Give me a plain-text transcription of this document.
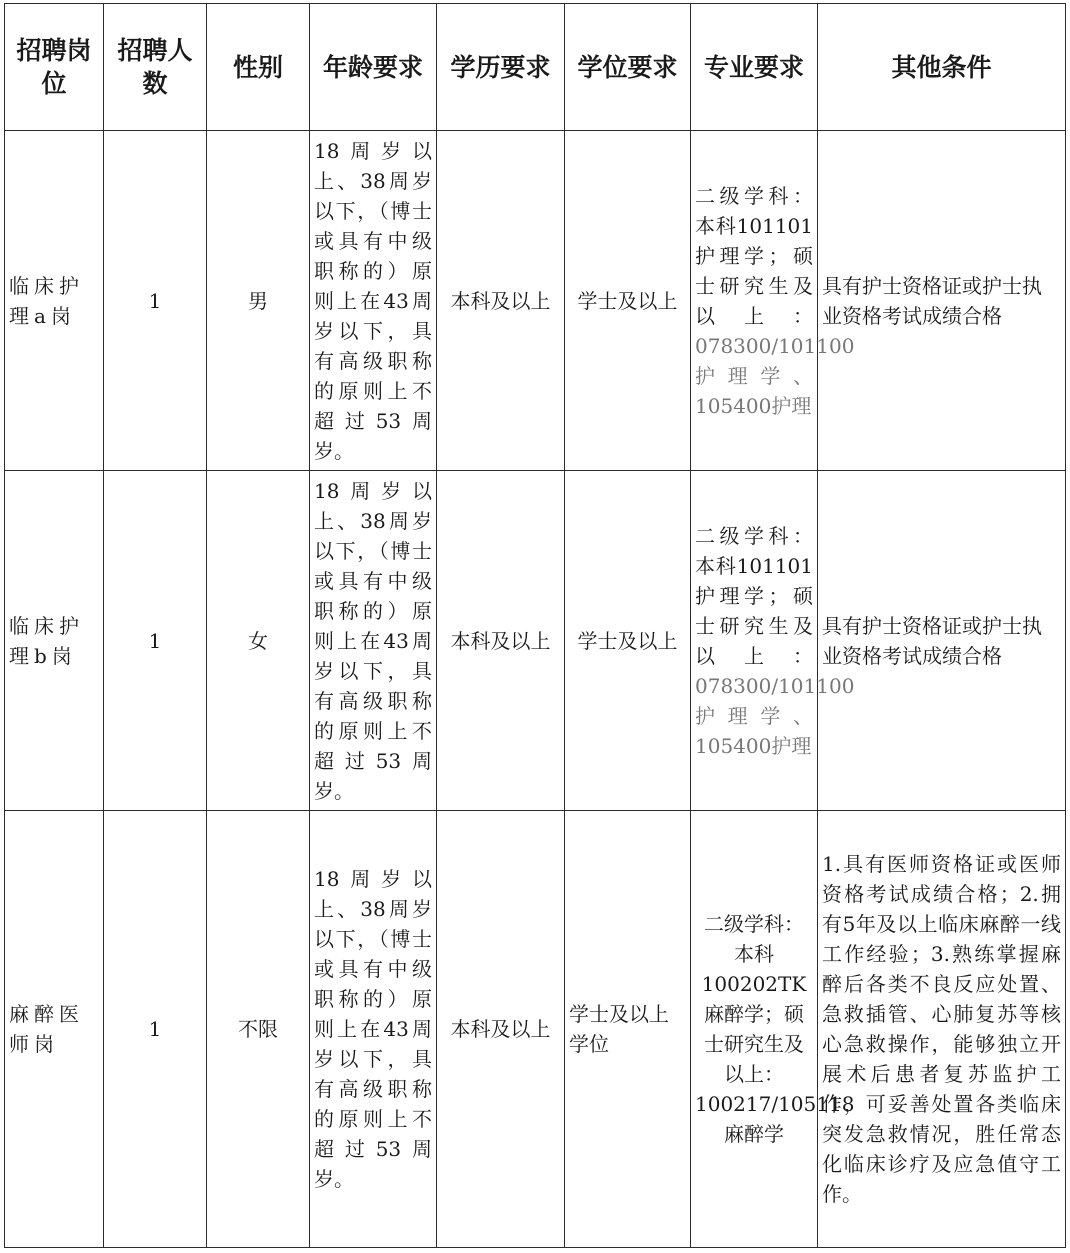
招聘岗位	招聘人数	性别	年龄要求	学历要求	学位要求	专业要求	其他条件
临床护理a岗	1	男	18周岁以上、38周岁以下，（博士或具有中级职称的）原则上在43周岁以下，具有高级职称的原则上不超过53周岁。	本科及以上	学士及以上	二级学科：本科101101护理学；硕士研究生及以上：078300/101100护理学、105400护理	具有护士资格证或护士执业资格考试成绩合格
临床护理b岗	1	女	18周岁以上、38周岁以下，（博士或具有中级职称的）原则上在43周岁以下，具有高级职称的原则上不超过53周岁。	本科及以上	学士及以上	二级学科：本科101101护理学；硕士研究生及以上：078300/101100护理学、105400护理	具有护士资格证或护士执业资格考试成绩合格
麻醉医师岗	1	不限	18周岁以上、38周岁以下，（博士或具有中级职称的）原则上在43周岁以下，具有高级职称的原则上不超过53周岁。	本科及以上	学士及以上学位	二级学科：本科100202TK麻醉学；硕士研究生及以上：100217/105118麻醉学	1.具有医师资格证或医师资格考试成绩合格；2.拥有5年及以上临床麻醉一线工作经验；3.熟练掌握麻醉后各类不良反应处置、急救插管、心肺复苏等核心急救操作，能够独立开展术后患者复苏监护工作，可妥善处置各类临床突发急救情况，胜任常态化临床诊疗及应急值守工作。
